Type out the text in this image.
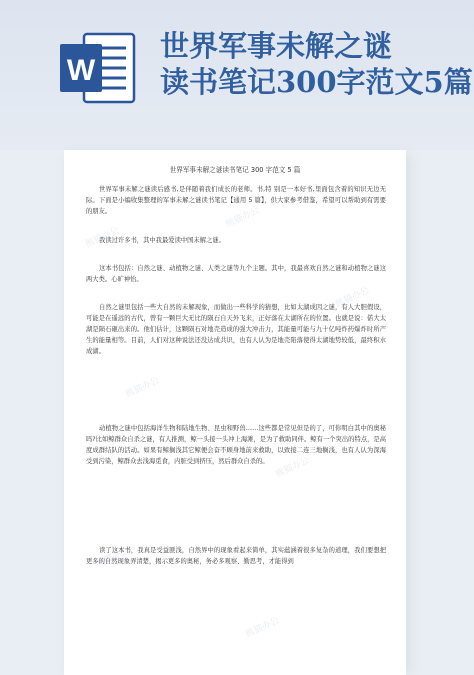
W
世界军事未解之谜
读书笔记300字范文5篇
熊猫办公
熊猫办公
熊猫办公
熊猫办公
熊猫办公
熊猫办公
熊猫办公
世界军事未解之谜读书笔记 300 字范文 5 篇

世界军事未解之谜读后感书,是伴随着我们成长的老师。书,特 别是一本好书,里面包含着的知识无边无际。下面是小编收集整理的军事未解之谜读书笔记【通用 5 篇】，供大家参考借鉴，希望可以帮助到有需要的朋友。

我读过许多书，其中我最爱读中国未解之谜。

这本书包括：自然之谜、动植物之谜、人类之谜等九个主题。其中，我最喜欢自然之谜和动植物之谜这两大类。心旷神怡。

自然之谜里包括一些大自然的未解现象，而做出一些科学的猜想，比如太湖成因之谜，有人大胆假设，可能是在遥远的古代，曾有一颗巨大无比的陨石自天外飞来，正好落在太湖所在的位置。也就是说：偌大太湖是陨石砸出来的。他们估计，这颗陨石对地壳造成的强大冲击力，其能量可能与九十亿吨炸药爆炸时所产生的能量相等。目前，人们对这种说法还没达成共识，也有人认为是地壳陷落使得太湖地势较低，最终积水成湖。

动植物之谜中包括海洋生物和陆地生物、昆虫和野兽……这些都是常见但是的了，可你明白其中的奥秘吗?比如鲸群众自杀之谜，有人推测，鲸一头接一头冲上海滩，是为了救助同伴。鲸有一个突出的特点，是高度成群结队的活动。如果有鲸搁浅其它鲸便会奋不顾身地前来救助，以致接二连三地搁浅，也有人认为深海受到污染，鲸群众去浅海觅食，内脏受到挤压，然后群众自杀的。

读了这本书，我真是受益匪浅，自然界中的现象看起来简单，其实蕴涵着很多复杂的道理，我们要想把更多的自然现象弄清楚，揭示更多的奥秘，务必多观察、勤思考，才能得到
